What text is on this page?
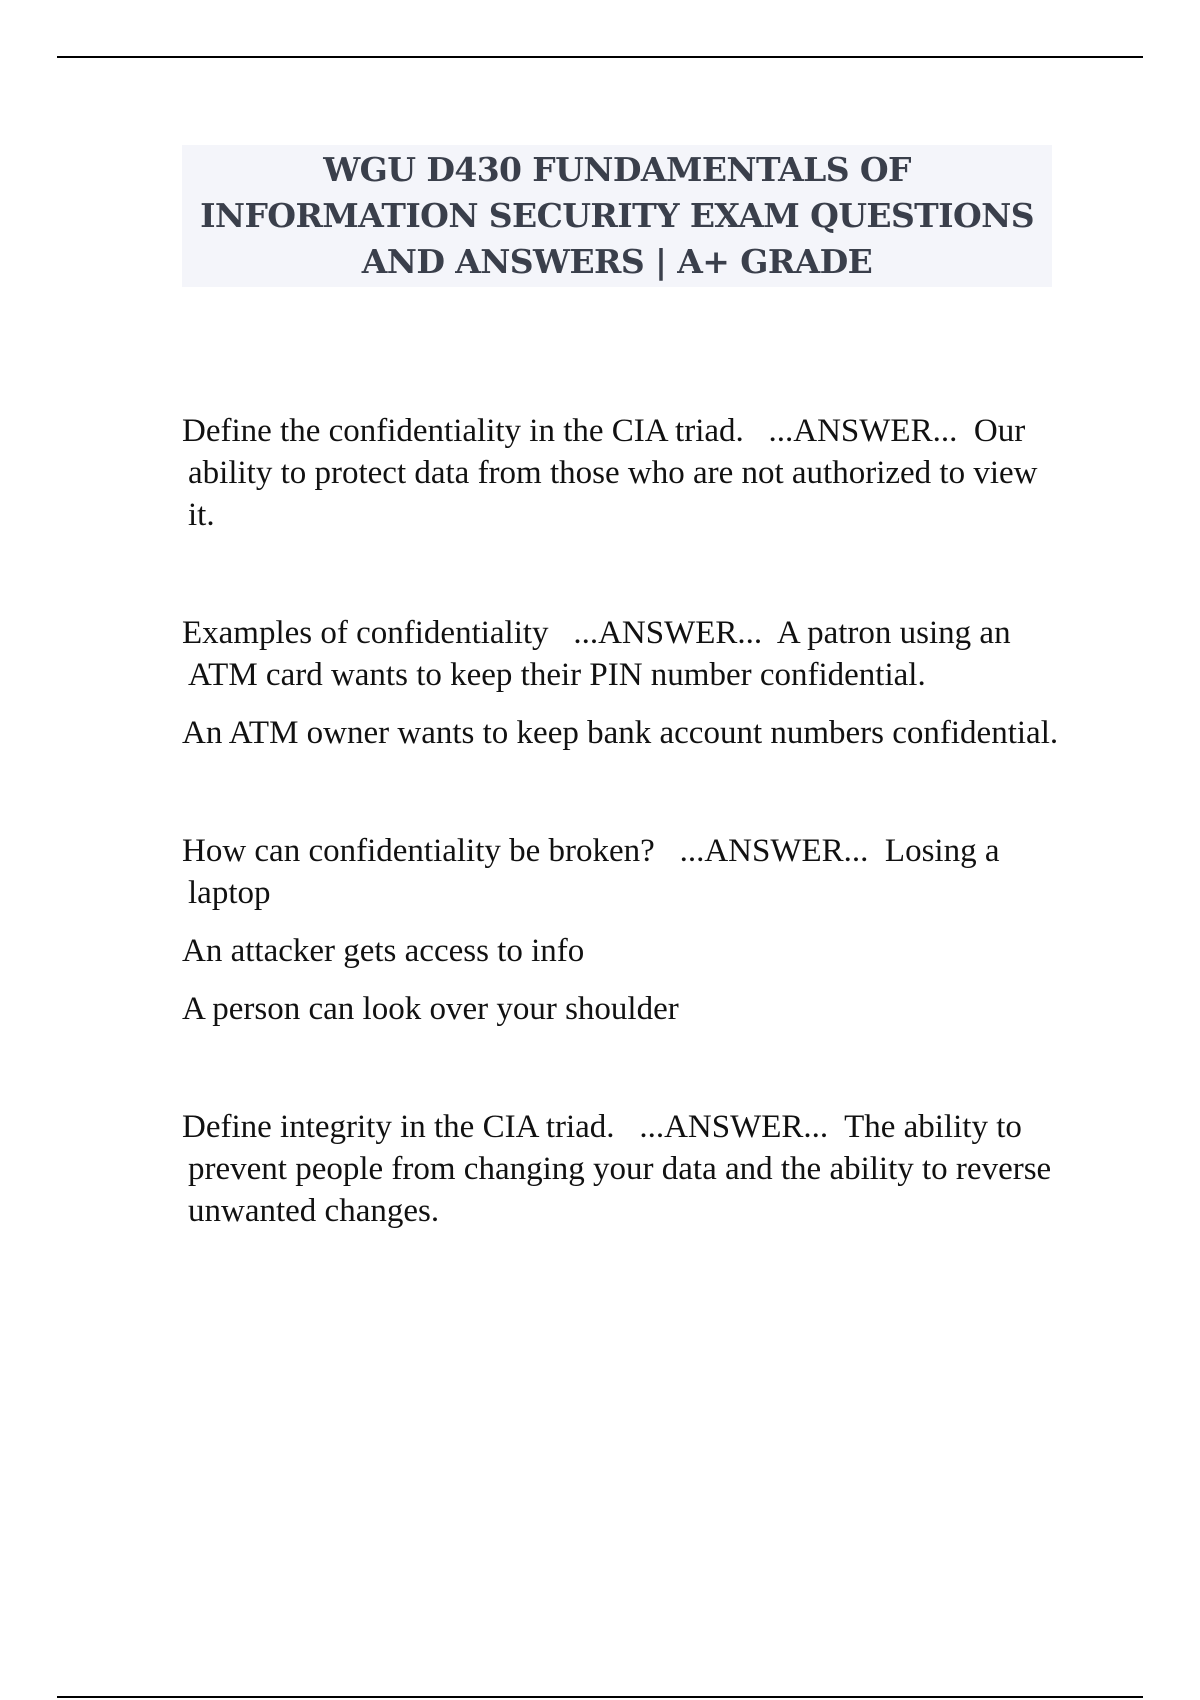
WGU D430 FUNDAMENTALS OF INFORMATION SECURITY EXAM QUESTIONS AND ANSWERS | A+ GRADE

Define the confidentiality in the CIA triad. ...ANSWER... Our ability to protect data from those who are not authorized to view it.

Examples of confidentiality ...ANSWER... A patron using an ATM card wants to keep their PIN number confidential.

An ATM owner wants to keep bank account numbers confidential.

How can confidentiality be broken? ...ANSWER... Losing a laptop

An attacker gets access to info

A person can look over your shoulder

Define integrity in the CIA triad. ...ANSWER... The ability to prevent people from changing your data and the ability to reverse unwanted changes.
